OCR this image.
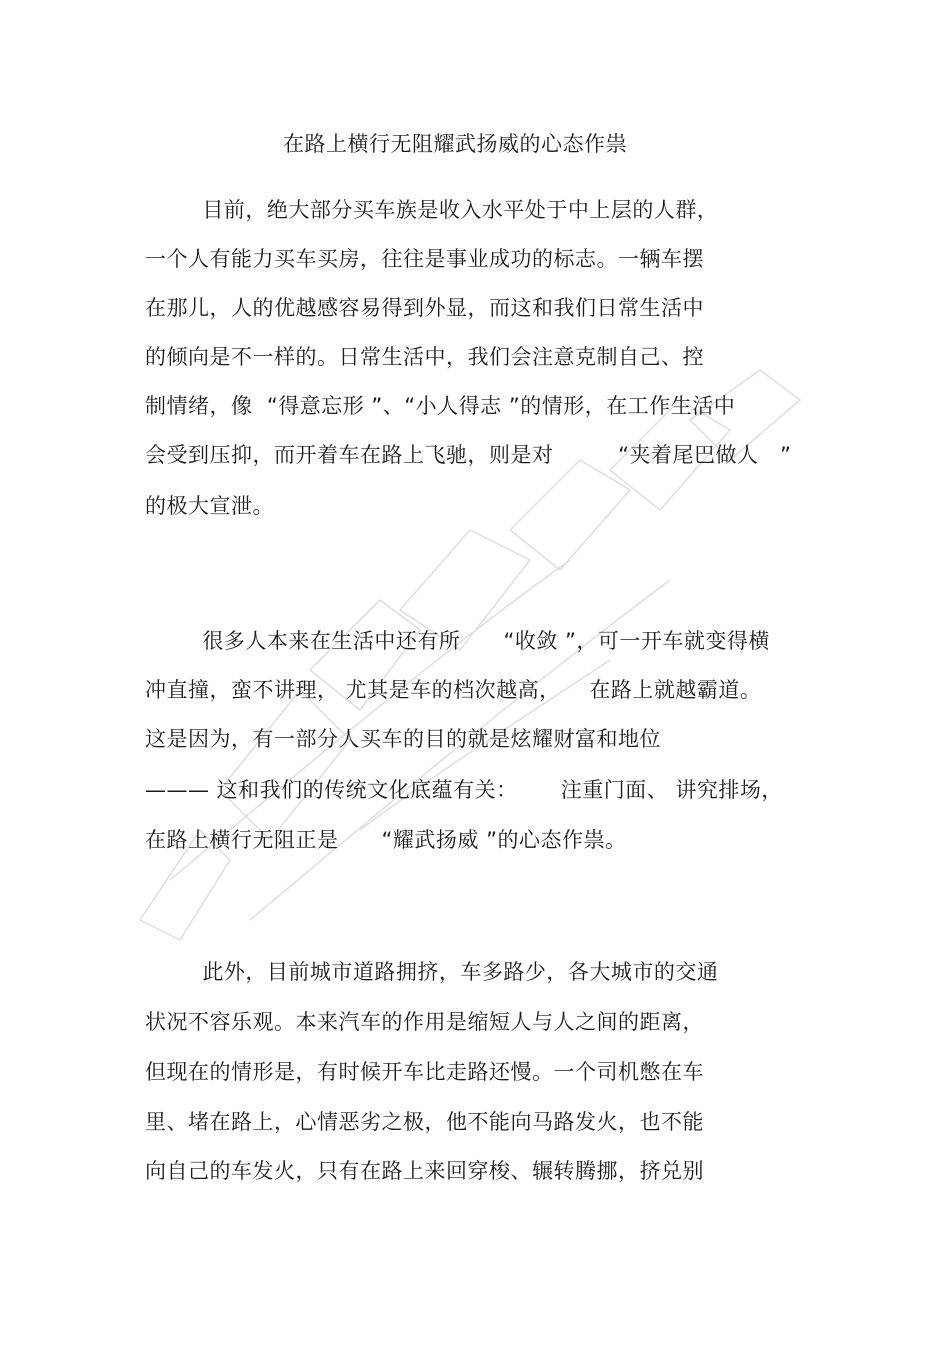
在路上横行无阻耀武扬威的心态作祟
目前，绝大部分买车族是收入水平处于中上层的人群，
一个人有能力买车买房，往往是事业成功的标志。一辆车摆
在那儿，人的优越感容易得到外显，而这和我们日常生活中
的倾向是不一样的。日常生活中，我们会注意克制自己、控
制情绪，像  “得意忘形 ”、“小人得志 ”的情形，在工作生活中
会受到压抑，而开着车在路上飞驰，则是对         “夹着尾巴做人   ”
的极大宣泄。
很多人本来在生活中还有所      “收敛 ”，可一开车就变得横
冲直撞，蛮不讲理， 尤其是车的档次越高，    在路上就越霸道。
这是因为，有一部分人买车的目的就是炫耀财富和地位
——— 这和我们的传统文化底蕴有关：      注重门面、 讲究排场，
在路上横行无阻正是      “耀武扬威 ”的心态作祟。
此外，目前城市道路拥挤，车多路少，各大城市的交通
状况不容乐观。本来汽车的作用是缩短人与人之间的距离，
但现在的情形是，有时候开车比走路还慢。一个司机憋在车
里、堵在路上，心情恶劣之极，他不能向马路发火，也不能
向自己的车发火，只有在路上来回穿梭、辗转腾挪，挤兑别
